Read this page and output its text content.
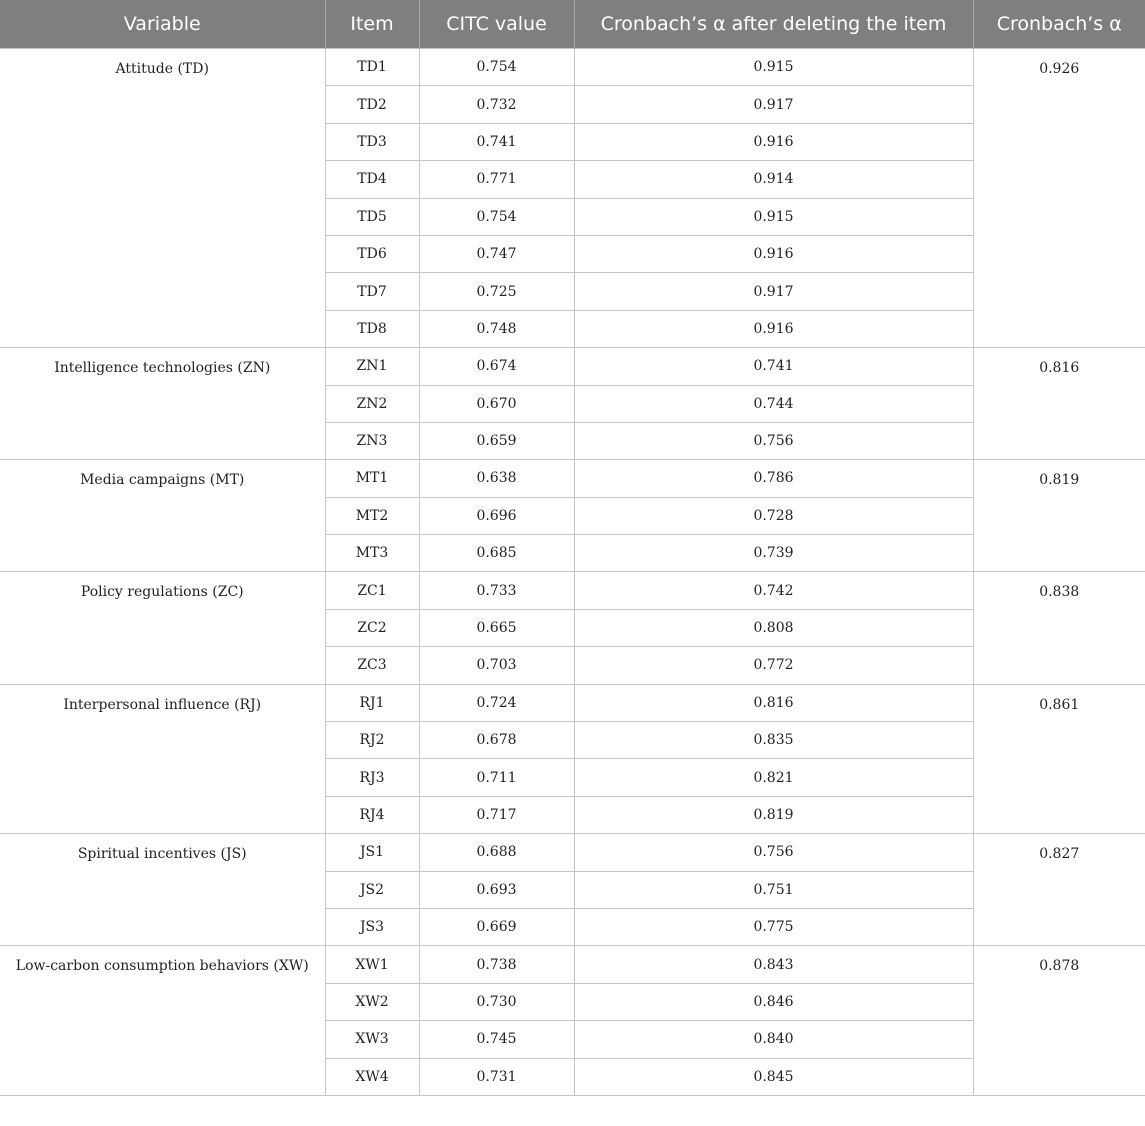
Variable	Item	CITC value	Cronbach’s α after deleting the item	Cronbach’s α
Attitude (TD)	TD1	0.754	0.915	0.926
	TD2	0.732	0.917	
	TD3	0.741	0.916	
	TD4	0.771	0.914	
	TD5	0.754	0.915	
	TD6	0.747	0.916	
	TD7	0.725	0.917	
	TD8	0.748	0.916	
Intelligence technologies (ZN)	ZN1	0.674	0.741	0.816
	ZN2	0.670	0.744	
	ZN3	0.659	0.756	
Media campaigns (MT)	MT1	0.638	0.786	0.819
	MT2	0.696	0.728	
	MT3	0.685	0.739	
Policy regulations (ZC)	ZC1	0.733	0.742	0.838
	ZC2	0.665	0.808	
	ZC3	0.703	0.772	
Interpersonal influence (RJ)	RJ1	0.724	0.816	0.861
	RJ2	0.678	0.835	
	RJ3	0.711	0.821	
	RJ4	0.717	0.819	
Spiritual incentives (JS)	JS1	0.688	0.756	0.827
	JS2	0.693	0.751	
	JS3	0.669	0.775	
Low-carbon consumption behaviors (XW)	XW1	0.738	0.843	0.878
	XW2	0.730	0.846	
	XW3	0.745	0.840	
	XW4	0.731	0.845	
